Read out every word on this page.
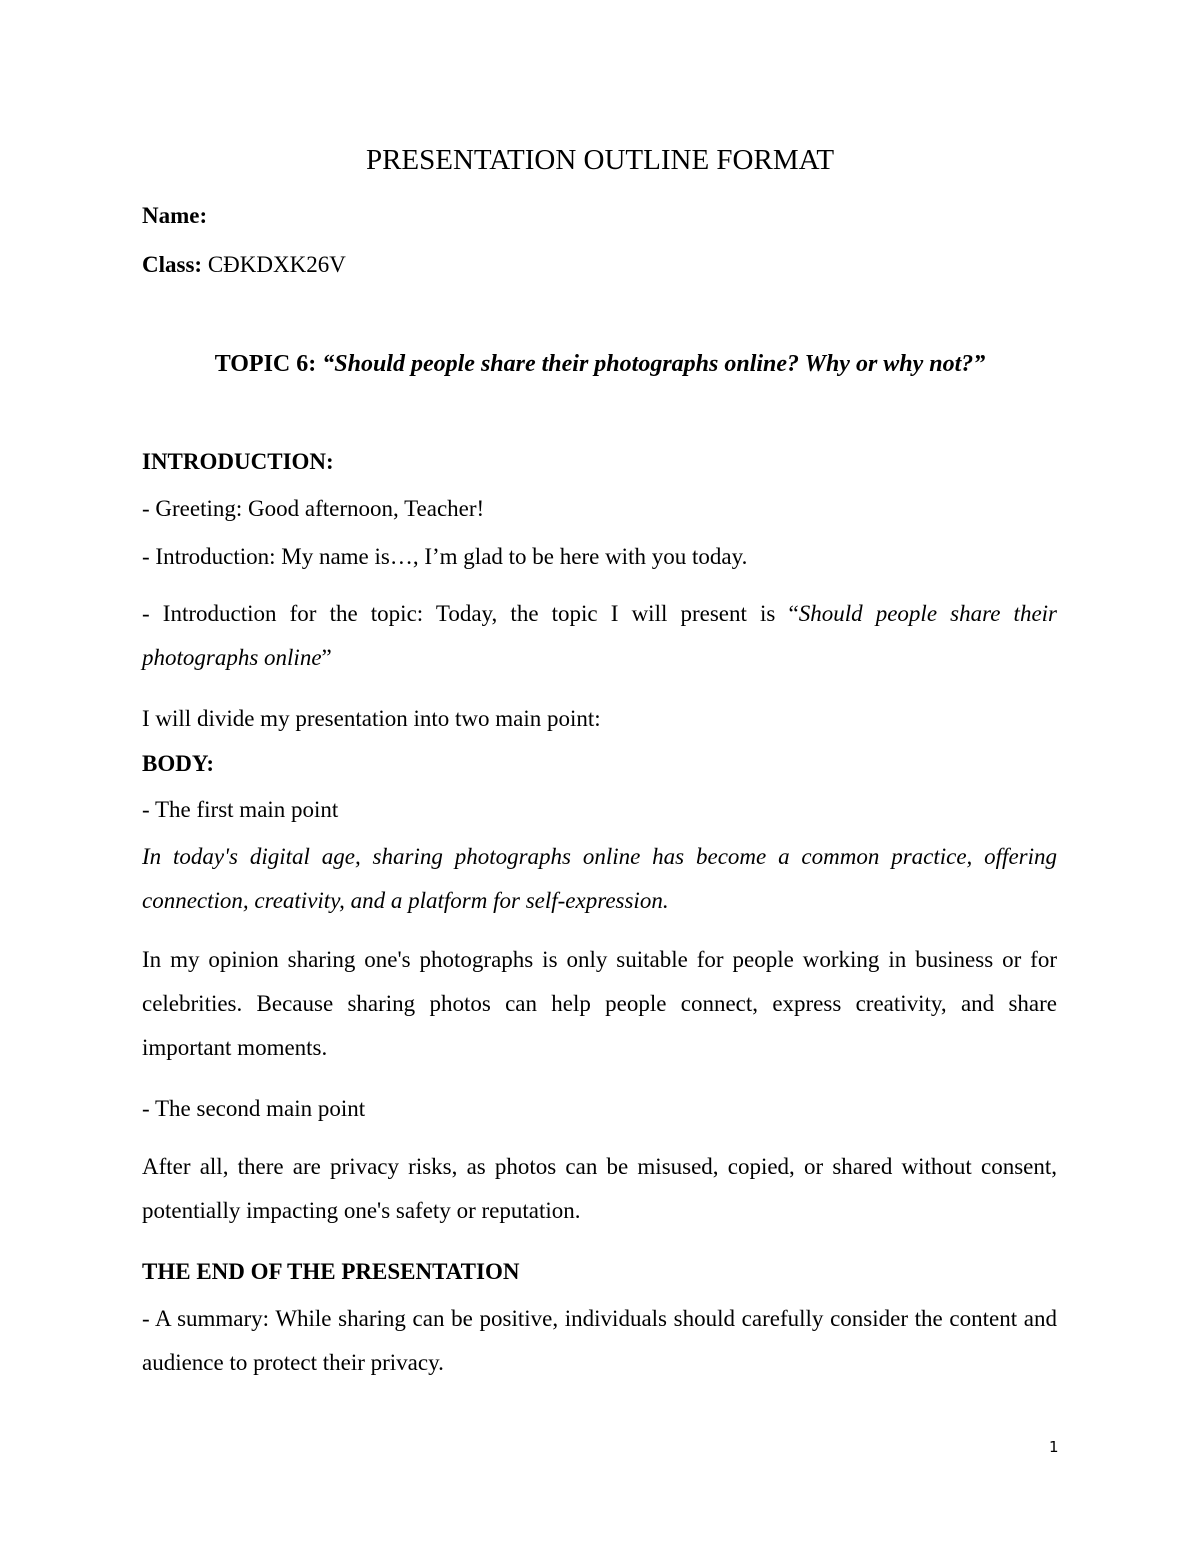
PRESENTATION OUTLINE FORMAT
Name:
Class: CĐKDXK26V
TOPIC 6: “Should people share their photographs online? Why or why not?”
INTRODUCTION:
- Greeting: Good afternoon, Teacher!
- Introduction: My name is…, I’m glad to be here with you today.
- Introduction for the topic: Today, the topic I will present is “Should people share their photographs online”
I will divide my presentation into two main point:
BODY:
- The first main point
In today's digital age, sharing photographs online has become a common practice, offering connection, creativity, and a platform for self-expression.
In my opinion sharing one's photographs is only suitable for people working in business or for celebrities. Because sharing photos can help people connect, express creativity, and share important moments.
- The second main point
After all, there are privacy risks, as photos can be misused, copied, or shared without consent, potentially impacting one's safety or reputation.
THE END OF THE PRESENTATION
- A summary: While sharing can be positive, individuals should carefully consider the content and audience to protect their privacy.
1
